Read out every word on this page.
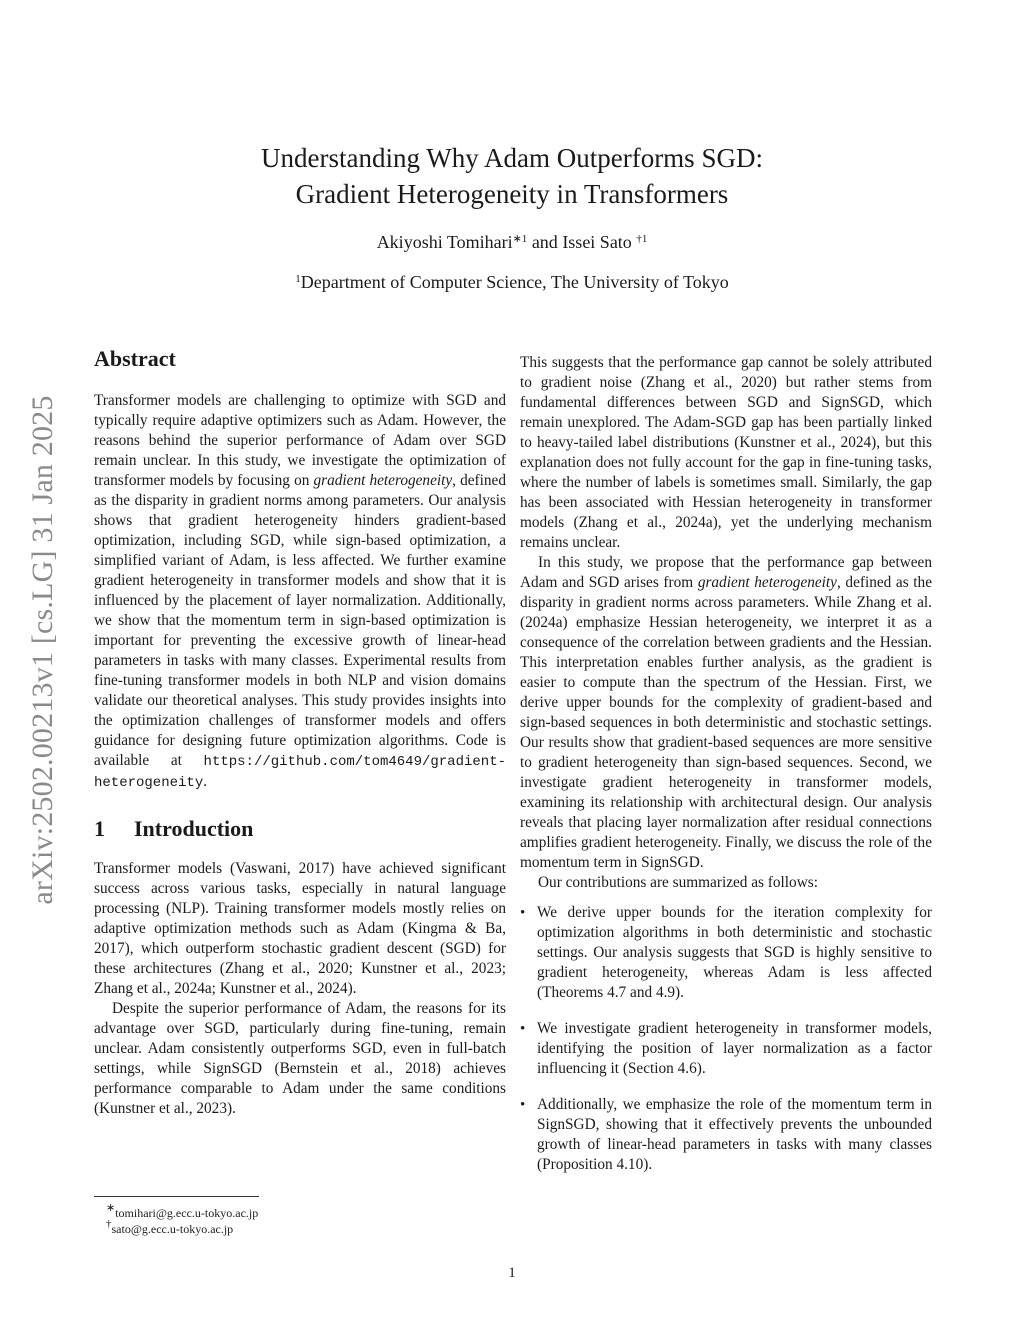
arXiv:2502.00213v1 [cs.LG] 31 Jan 2025
Understanding Why Adam Outperforms SGD:
Gradient Heterogeneity in Transformers
Akiyoshi Tomihari$^{∗1}$ and Issei Sato $^{\dagger 1}$
$^1$Department of Computer Science, The University of Tokyo
Abstract

Transformer models are challenging to optimize with SGD and typically require adaptive optimizers such as Adam. However, the reasons behind the superior performance of Adam over SGD remain unclear. In this study, we investigate the optimization of transformer models by focusing on gradient heterogeneity, defined as the disparity in gradient norms among parameters. Our analysis shows that gradient heterogeneity hinders gradient-based optimization, including SGD, while sign-based optimization, a simplified variant of Adam, is less affected. We further examine gradient heterogeneity in transformer models and show that it is influenced by the placement of layer normalization. Additionally, we show that the momentum term in sign-based optimization is important for preventing the excessive growth of linear-head parameters in tasks with many classes. Experimental results from fine-tuning transformer models in both NLP and vision domains validate our theoretical analyses. This study provides insights into the optimization challenges of transformer models and offers guidance for designing future optimization algorithms. Code is available at https://github.com/tom4649/gradient-heterogeneity.

1 Introduction

Transformer models (Vaswani, 2017) have achieved significant success across various tasks, especially in natural language processing (NLP). Training transformer models mostly relies on adaptive optimization methods such as Adam (Kingma & Ba, 2017), which outperform stochastic gradient descent (SGD) for these architectures (Zhang et al., 2020; Kunstner et al., 2023; Zhang et al., 2024a; Kunstner et al., 2024).

Despite the superior performance of Adam, the reasons for its advantage over SGD, particularly during fine-tuning, remain unclear. Adam consistently outperforms SGD, even in full-batch settings, while SignSGD (Bernstein et al., 2018) achieves performance comparable to Adam under the same conditions (Kunstner et al., 2023).

∗tomihari@g.ecc.u-tokyo.ac.jp

†sato@g.ecc.u-tokyo.ac.jp

This suggests that the performance gap cannot be solely attributed to gradient noise (Zhang et al., 2020) but rather stems from fundamental differences between SGD and SignSGD, which remain unexplored. The Adam-SGD gap has been partially linked to heavy-tailed label distributions (Kunstner et al., 2024), but this explanation does not fully account for the gap in fine-tuning tasks, where the number of labels is sometimes small. Similarly, the gap has been associated with Hessian heterogeneity in transformer models (Zhang et al., 2024a), yet the underlying mechanism remains unclear.

In this study, we propose that the performance gap between Adam and SGD arises from gradient heterogeneity, defined as the disparity in gradient norms across parameters. While Zhang et al. (2024a) emphasize Hessian heterogeneity, we interpret it as a consequence of the correlation between gradients and the Hessian. This interpretation enables further analysis, as the gradient is easier to compute than the spectrum of the Hessian. First, we derive upper bounds for the complexity of gradient-based and sign-based sequences in both deterministic and stochastic settings. Our results show that gradient-based sequences are more sensitive to gradient heterogeneity than sign-based sequences. Second, we investigate gradient heterogeneity in transformer models, examining its relationship with architectural design. Our analysis reveals that placing layer normalization after residual connections amplifies gradient heterogeneity. Finally, we discuss the role of the momentum term in SignSGD.

Our contributions are summarized as follows:

• We derive upper bounds for the iteration complexity for optimization algorithms in both deterministic and stochastic settings. Our analysis suggests that SGD is highly sensitive to gradient heterogeneity, whereas Adam is less affected (Theorems 4.7 and 4.9).
• We investigate gradient heterogeneity in transformer models, identifying the position of layer normalization as a factor influencing it (Section 4.6).
• Additionally, we emphasize the role of the momentum term in SignSGD, showing that it effectively prevents the unbounded growth of linear-head parameters in tasks with many classes (Proposition 4.10).
1
